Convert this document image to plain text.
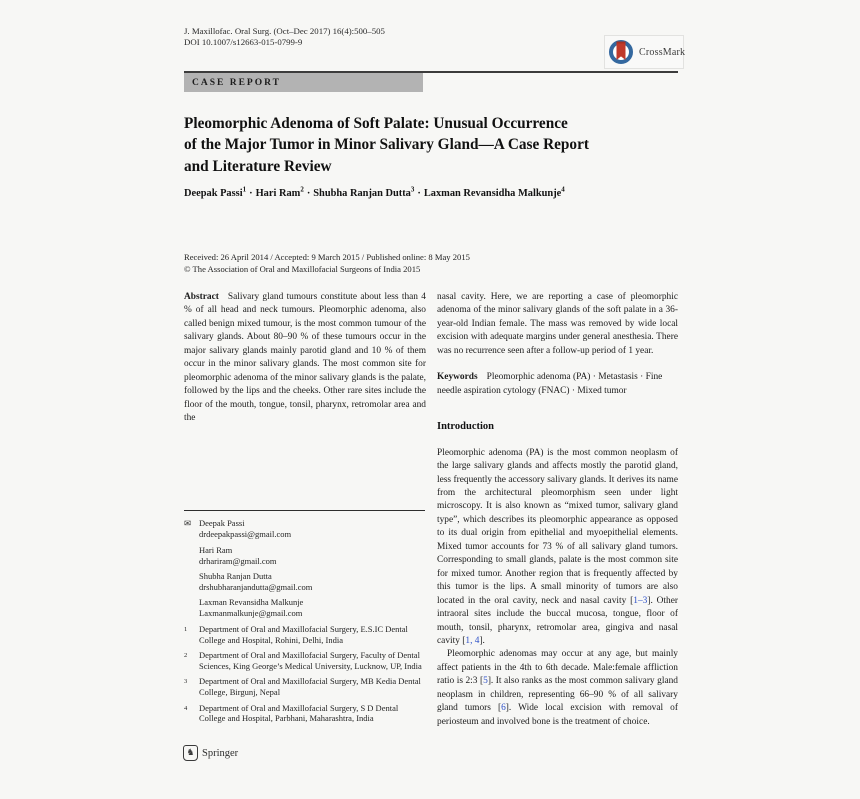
J. Maxillofac. Oral Surg. (Oct–Dec 2017) 16(4):500–505
DOI 10.1007/s12663-015-0799-9
CrossMark
CASE REPORT
Pleomorphic Adenoma of Soft Palate: Unusual Occurrence
of the Major Tumor in Minor Salivary Gland—A Case Report
and Literature Review
Deepak Passi$^1$ · Hari Ram$^2$ · Shubha Ranjan Dutta$^3$ · Laxman Revansidha Malkunje$^4$
Received: 26 April 2014 / Accepted: 9 March 2015 / Published online: 8 May 2015
© The Association of Oral and Maxillofacial Surgeons of India 2015
Abstract Salivary gland tumours constitute about less than 4 % of all head and neck tumours. Pleomorphic adenoma, also called benign mixed tumour, is the most common tumour of the salivary glands. About 80–90 % of these tumours occur in the major salivary glands mainly parotid gland and 10 % of them occur in the minor salivary glands. The most common site for pleomorphic adenoma of the minor salivary glands is the palate, followed by the lips and the cheeks. Other rare sites include the floor of the mouth, tongue, tonsil, pharynx, retromolar area and the
nasal cavity. Here, we are reporting a case of pleomorphic adenoma of the minor salivary glands of the soft palate in a 36-year-old Indian female. The mass was removed by wide local excision with adequate margins under general anesthesia. There was no recurrence seen after a follow-up period of 1 year.
Keywords Pleomorphic adenoma (PA) · Metastasis · Fine needle aspiration cytology (FNAC) · Mixed tumor
Introduction
Pleomorphic adenoma (PA) is the most common neoplasm of the large salivary glands and affects mostly the parotid gland, less frequently the accessory salivary glands. It derives its name from the architectural pleomorphism seen under light microscopy. It is also known as “mixed tumor, salivary gland type”, which describes its pleomorphic appearance as opposed to its dual origin from epithelial and myoepithelial elements. Mixed tumor accounts for 73 % of all salivary gland tumors. Corresponding to small glands, palate is the most common site for mixed tumor. Another region that is frequently affected by this tumor is the lips. A small minority of tumors are also located in the oral cavity, neck and nasal cavity [1–3]. Other intraoral sites include the buccal mucosa, tongue, floor of mouth, tonsil, pharynx, retromolar area, gingiva and nasal cavity [1, 4].
Pleomorphic adenomas may occur at any age, but mainly affect patients in the 4th to 6th decade. Male:female affliction ratio is 2:3 [5]. It also ranks as the most common salivary gland neoplasm in children, representing 66–90 % of all salivary gland tumors [6]. Wide local excision with removal of periosteum and involved bone is the treatment of choice.
✉ Deepak Passi
drdeepakpassi@gmail.com
Hari Ram
drhariram@gmail.com
Shubha Ranjan Dutta
drshubharanjandutta@gmail.com
Laxman Revansidha Malkunje
Laxmanmalkunje@gmail.com
1	Department of Oral and Maxillofacial Surgery, E.S.IC Dental College and Hospital, Rohini, Delhi, India
2	Department of Oral and Maxillofacial Surgery, Faculty of Dental Sciences, King George’s Medical University, Lucknow, UP, India
3	Department of Oral and Maxillofacial Surgery, MB Kedia Dental College, Birgunj, Nepal
4	Department of Oral and Maxillofacial Surgery, S D Dental College and Hospital, Parbhani, Maharashtra, India
♞ Springer
